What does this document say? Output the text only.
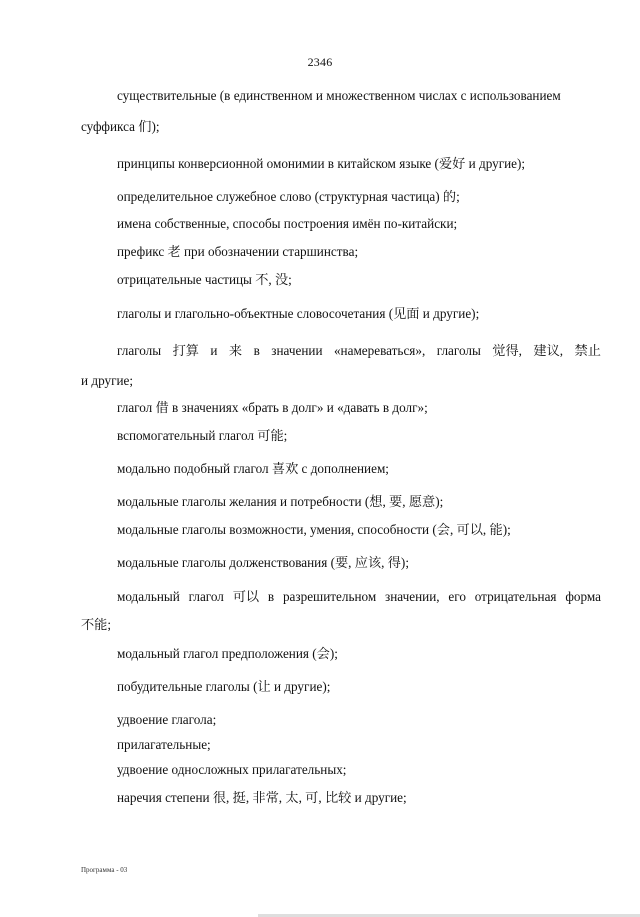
2346
существительные (в единственном и множественном числах с использованием
суффикса 们);
принципы конверсионной омонимии в китайском языке (爱好 и другие);
определительное служебное слово (структурная частица) 的;
имена собственные, способы построения имён по-китайски;
префикс 老 при обозначении старшинства;
отрицательные частицы 不, 没;
глаголы и глагольно-объектные словосочетания (见面 и другие);
глаголы 打算 и 来 в значении «намереваться», глаголы 觉得, 建议, 禁止
и другие;
глагол 借 в значениях «брать в долг» и «давать в долг»;
вспомогательный глагол 可能;
модально подобный глагол 喜欢 с дополнением;
модальные глаголы желания и потребности (想, 要, 愿意);
модальные глаголы возможности, умения, способности (会, 可以, 能);
модальные глаголы долженствования (要, 应该, 得);
модальный глагол 可以 в разрешительном значении, его отрицательная форма
不能;
модальный глагол предположения (会);
побудительные глаголы (让 и другие);
удвоение глагола;
прилагательные;
удвоение односложных прилагательных;
наречия степени 很, 挺, 非常, 太, 可, 比较 и другие;
Программа - 03
